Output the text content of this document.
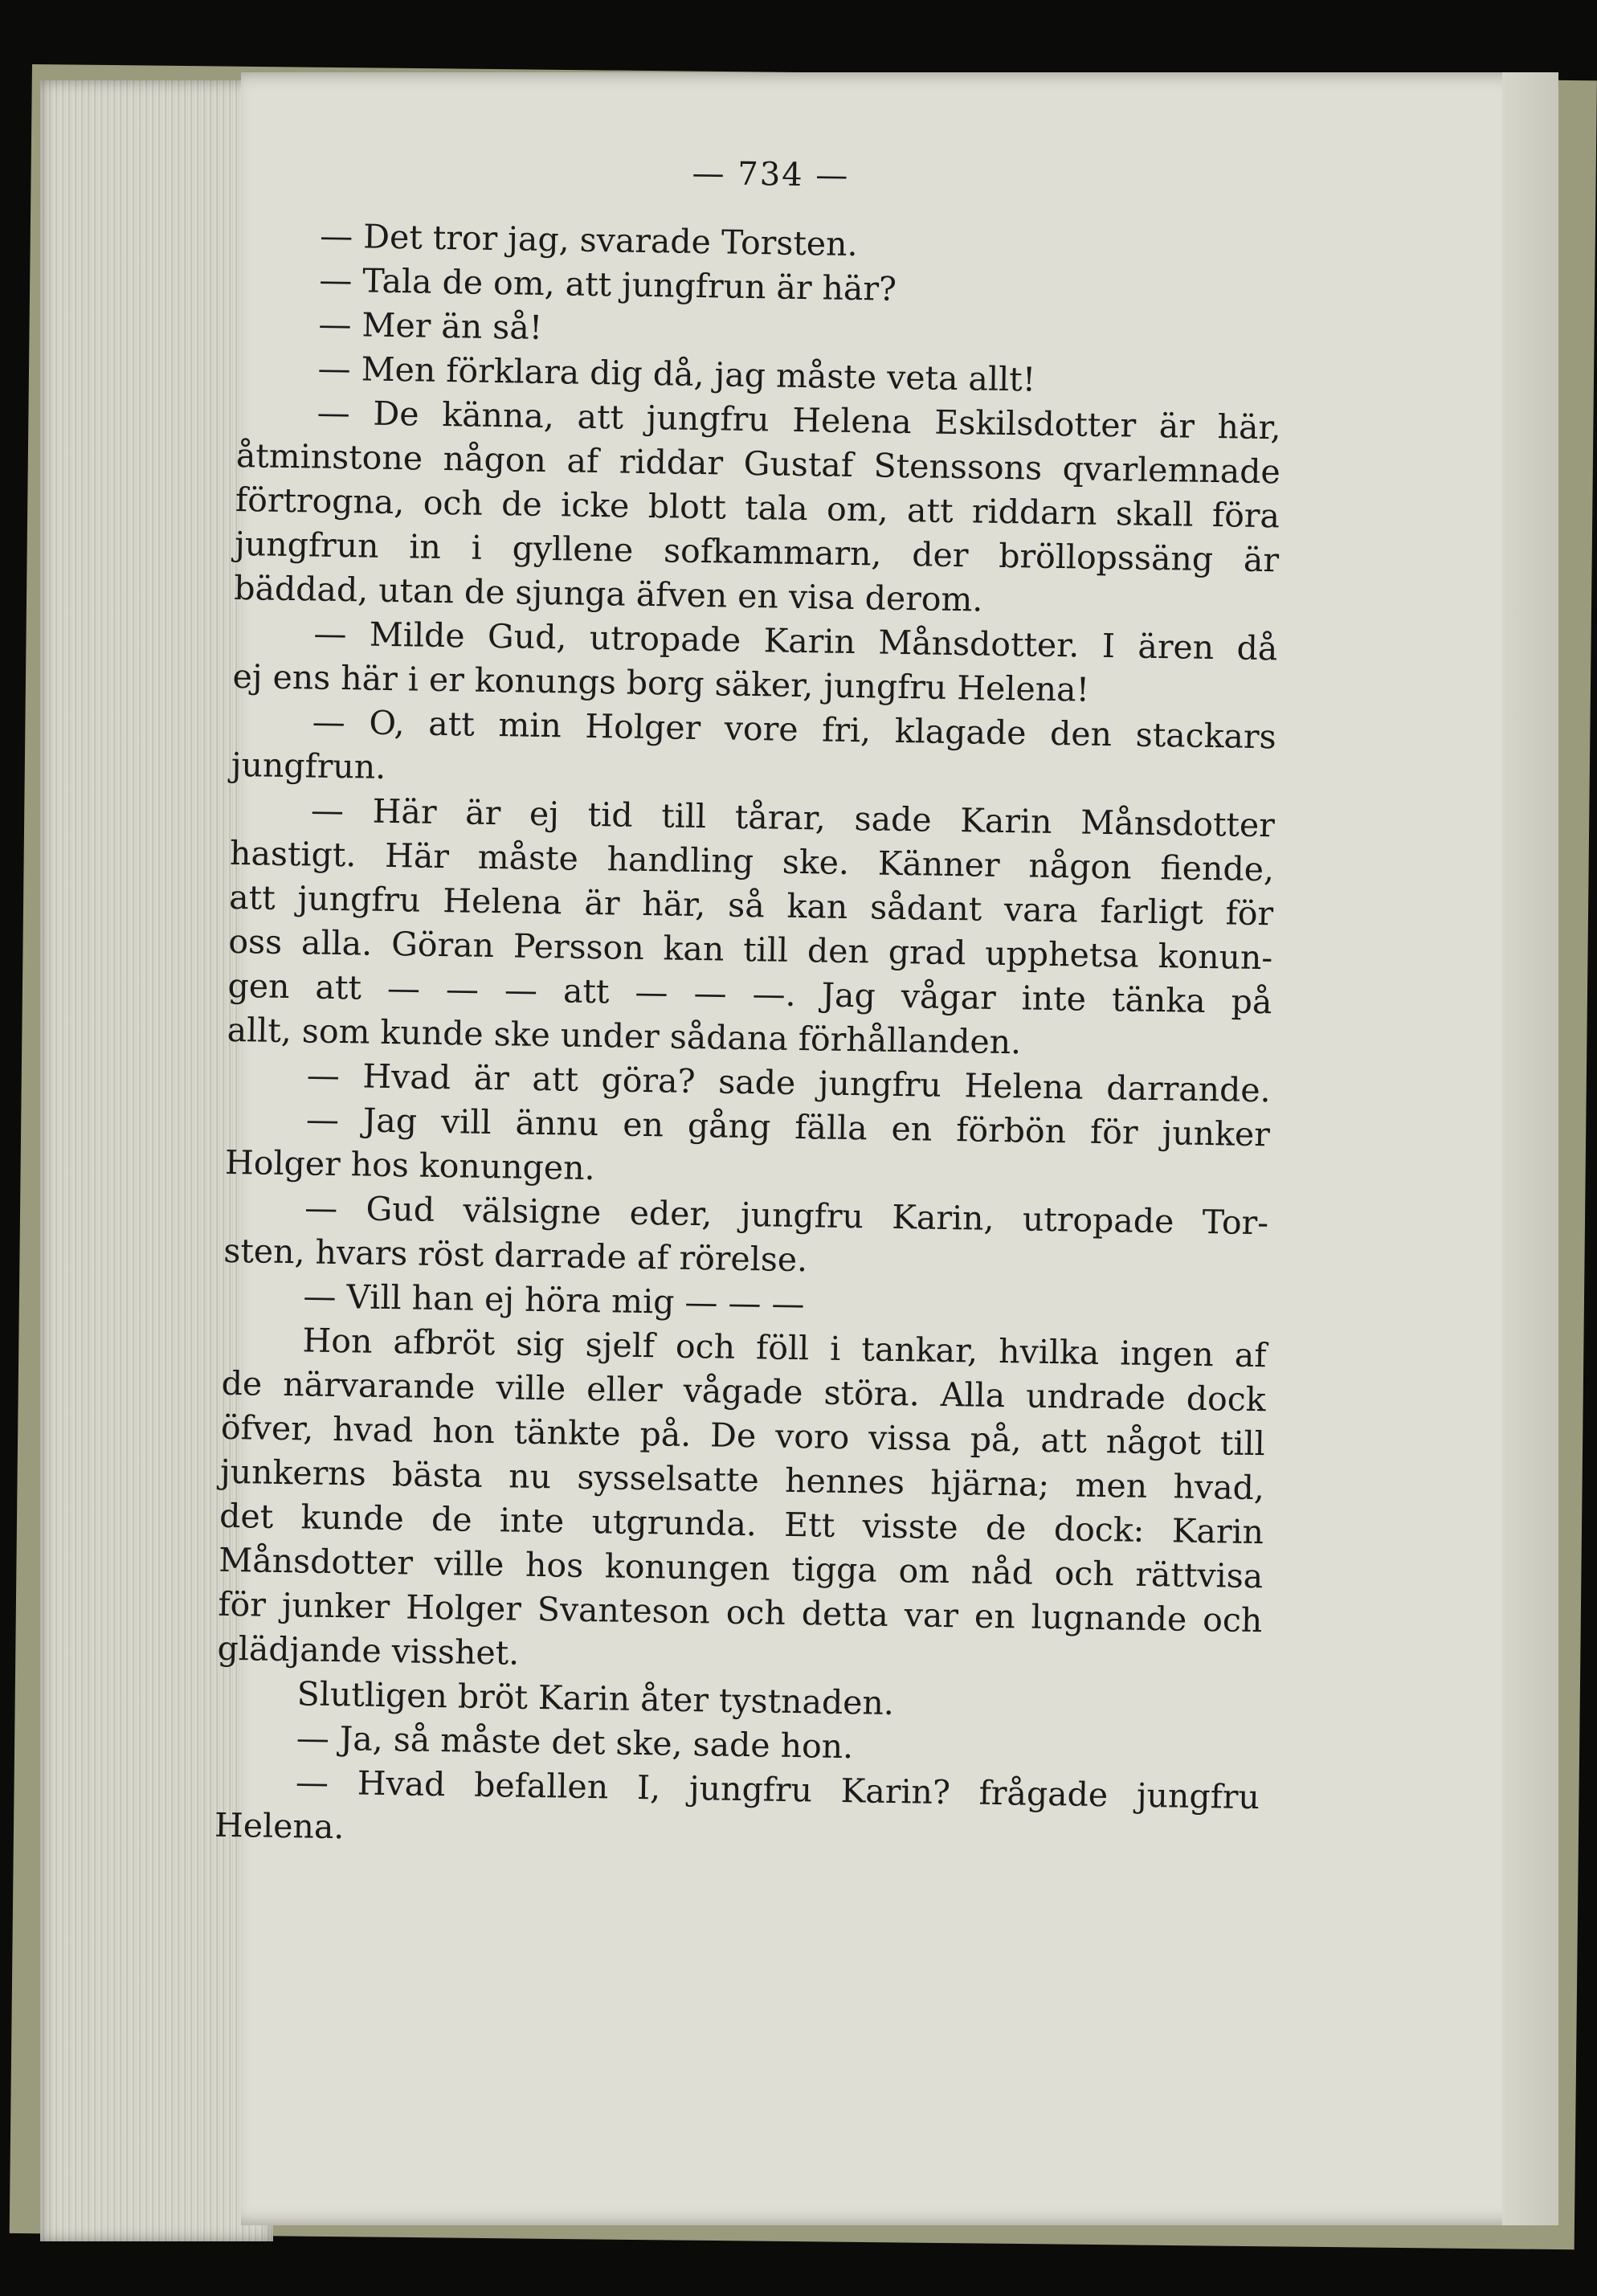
— 734 —

— Det tror jag, svarade Torsten.

— Tala de om, att jungfrun är här?

— Mer än så!

— Men förklara dig då, jag måste veta allt!

— De känna, att jungfru Helena Eskilsdotter är här,

åtminstone någon af riddar Gustaf Stenssons qvarlemnade

förtrogna, och de icke blott tala om, att riddarn skall föra

jungfrun in i gyllene sofkammarn, der bröllopssäng är

bäddad, utan de sjunga äfven en visa derom.

— Milde Gud, utropade Karin Månsdotter. I ären då

ej ens här i er konungs borg säker, jungfru Helena!

— O, att min Holger vore fri, klagade den stackars

jungfrun.

— Här är ej tid till tårar, sade Karin Månsdotter

hastigt. Här måste handling ske. Känner någon fiende,

att jungfru Helena är här, så kan sådant vara farligt för

oss alla. Göran Persson kan till den grad upphetsa konun-

gen att — — — att — — —. Jag vågar inte tänka på

allt, som kunde ske under sådana förhållanden.

— Hvad är att göra? sade jungfru Helena darrande.

— Jag vill ännu en gång fälla en förbön för junker

Holger hos konungen.

— Gud välsigne eder, jungfru Karin, utropade Tor-

sten, hvars röst darrade af rörelse.

— Vill han ej höra mig — — —

Hon afbröt sig sjelf och föll i tankar, hvilka ingen af

de närvarande ville eller vågade störa. Alla undrade dock

öfver, hvad hon tänkte på. De voro vissa på, att något till

junkerns bästa nu sysselsatte hennes hjärna; men hvad,

det kunde de inte utgrunda. Ett visste de dock: Karin

Månsdotter ville hos konungen tigga om nåd och rättvisa

för junker Holger Svanteson och detta var en lugnande och

glädjande visshet.

Slutligen bröt Karin åter tystnaden.

— Ja, så måste det ske, sade hon.

— Hvad befallen I, jungfru Karin? frågade jungfru

Helena.
